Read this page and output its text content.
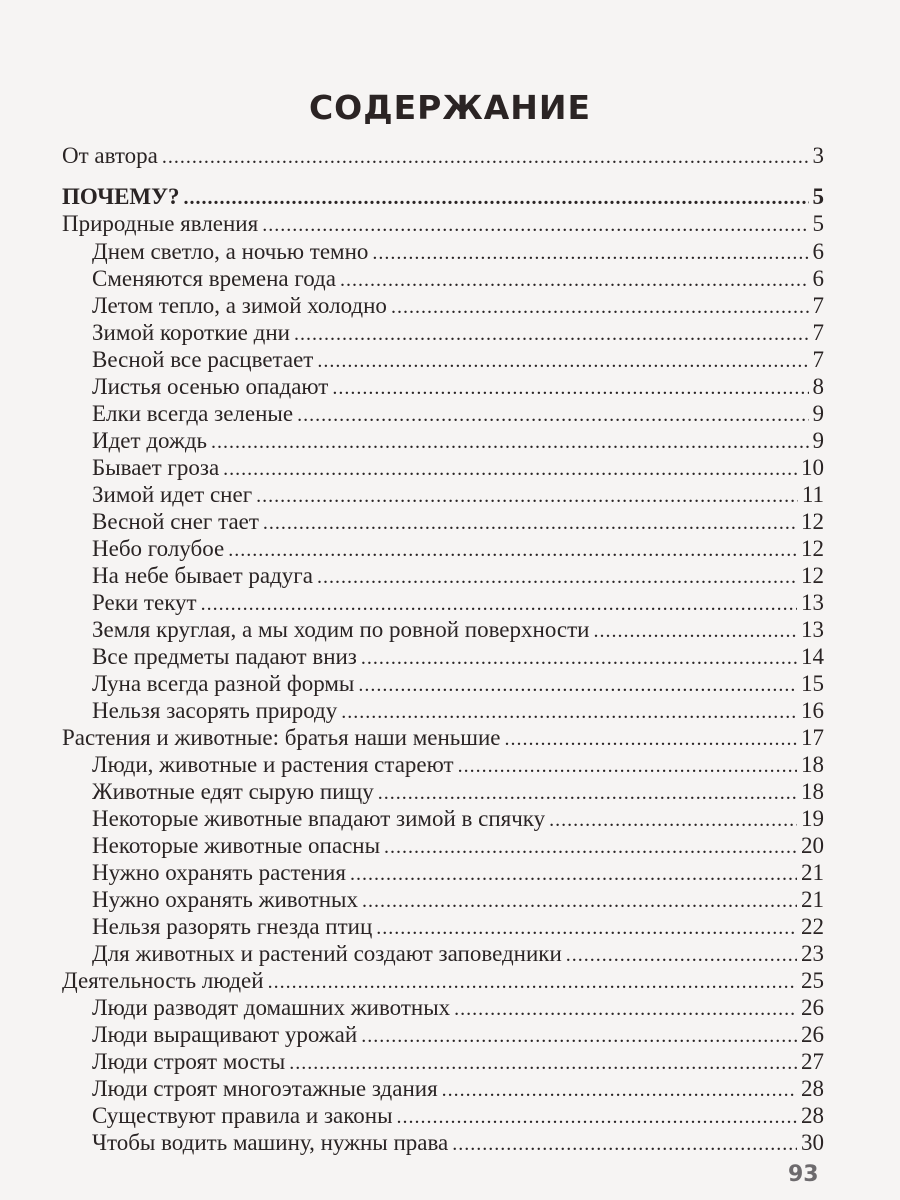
СОДЕРЖАНИЕ
От автора .....	3
ПОЧЕМУ? .....	5
Природные явления .....	5
Днем светло, а ночью темно .....	6
Сменяются времена года .....	6
Летом тепло, а зимой холодно .....	7
Зимой короткие дни .....	7
Весной все расцветает .....	7
Листья осенью опадают .....	8
Елки всегда зеленые .....	9
Идет дождь .....	9
Бывает гроза .....	10
Зимой идет снег .....	11
Весной снег тает .....	12
Небо голубое .....	12
На небе бывает радуга .....	12
Реки текут .....	13
Земля круглая, а мы ходим по ровной поверхности .....	13
Все предметы падают вниз .....	14
Луна всегда разной формы .....	15
Нельзя засорять природу .....	16
Растения и животные: братья наши меньшие .....	17
Люди, животные и растения стареют .....	18
Животные едят сырую пищу .....	18
Некоторые животные впадают зимой в спячку .....	19
Некоторые животные опасны .....	20
Нужно охранять растения .....	21
Нужно охранять животных .....	21
Нельзя разорять гнезда птиц .....	22
Для животных и растений создают заповедники .....	23
Деятельность людей .....	25
Люди разводят домашних животных .....	26
Люди выращивают урожай .....	26
Люди строят мосты .....	27
Люди строят многоэтажные здания .....	28
Существуют правила и законы .....	28
Чтобы водить машину, нужны права .....	30
93
